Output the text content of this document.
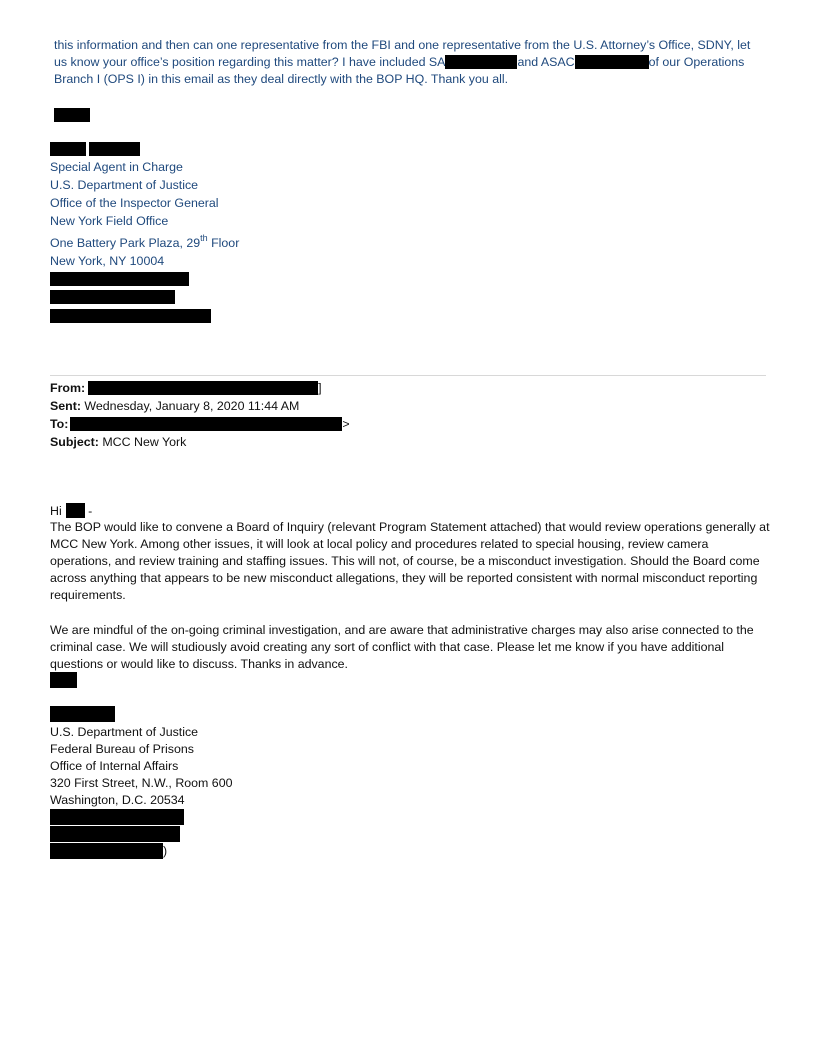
this information and then can one representative from the FBI and one representative from the U.S. Attorney’s Office, SDNY, let us know your office’s position regarding this matter? I have included SA	and ASAC	of our Operations Branch I (OPS I) in this email as they deal directly with the BOP HQ. Thank you all.

Special Agent in Charge
U.S. Department of Justice
Office of the Inspector General
New York Field Office
One Battery Park Plaza, 29th Floor
New York, NY 10004
From:	]
Sent: Wednesday, January 8, 2020 11:44 AM
To:	>
Subject: MCC New York
Hi -

The BOP would like to convene a Board of Inquiry (relevant Program Statement attached) that would review operations generally at MCC New York. Among other issues, it will look at local policy and procedures related to special housing, review camera operations, and review training and staffing issues. This will not, of course, be a misconduct investigation. Should the Board come across anything that appears to be new misconduct allegations, they will be reported consistent with normal misconduct reporting requirements.

We are mindful of the on-going criminal investigation, and are aware that administrative charges may also arise connected to the criminal case. We will studiously avoid creating any sort of conflict with that case. Please let me know if you have additional questions or would like to discuss. Thanks in advance.

U.S. Department of Justice
Federal Bureau of Prisons
Office of Internal Affairs
320 First Street, N.W., Room 600
Washington, D.C. 20534
)
